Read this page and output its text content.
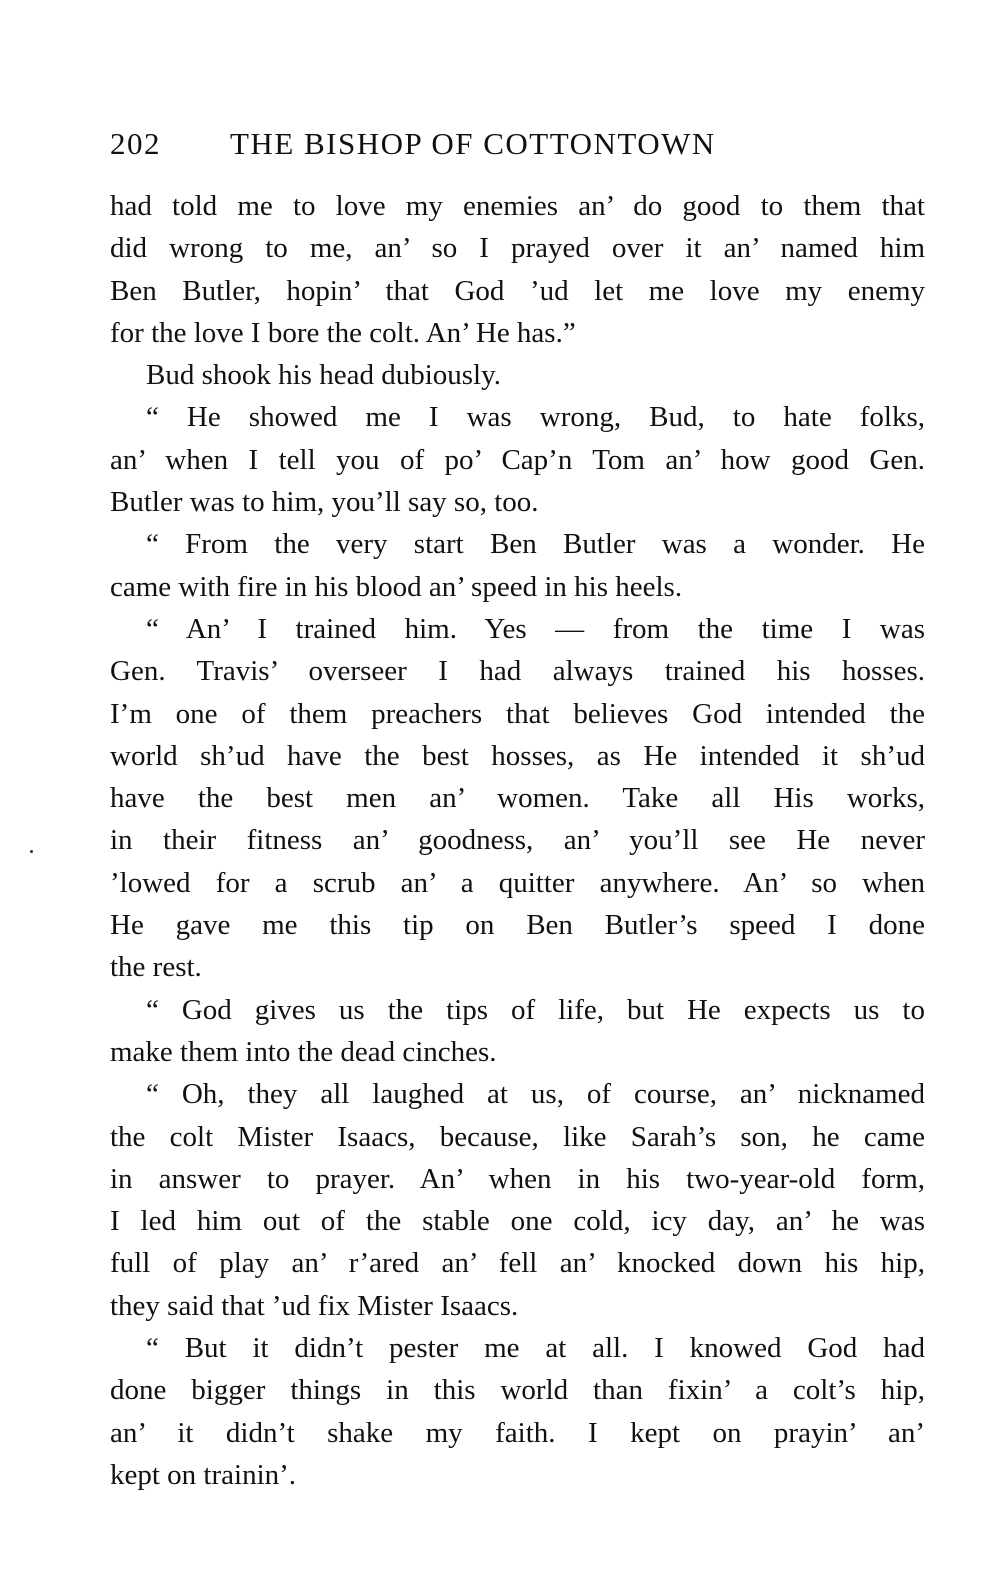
202 THE BISHOP OF COTTONTOWN
had told me to love my enemies an’ do good to them that
did wrong to me, an’ so I prayed over it an’ named him
Ben Butler, hopin’ that God ’ud let me love my enemy
for the love I bore the colt. An’ He has.”
Bud shook his head dubiously.
“ He showed me I was wrong, Bud, to hate folks,
an’ when I tell you of po’ Cap’n Tom an’ how good Gen.
Butler was to him, you’ll say so, too.
“ From the very start Ben Butler was a wonder. He
came with fire in his blood an’ speed in his heels.
“ An’ I trained him. Yes — from the time I was
Gen. Travis’ overseer I had always trained his hosses.
I’m one of them preachers that believes God intended the
world sh’ud have the best hosses, as He intended it sh’ud
have the best men an’ women. Take all His works,
in their fitness an’ goodness, an’ you’ll see He never
’lowed for a scrub an’ a quitter anywhere. An’ so when
He gave me this tip on Ben Butler’s speed I done
the rest.
“ God gives us the tips of life, but He expects us to
make them into the dead cinches.
“ Oh, they all laughed at us, of course, an’ nicknamed
the colt Mister Isaacs, because, like Sarah’s son, he came
in answer to prayer. An’ when in his two-year-old form,
I led him out of the stable one cold, icy day, an’ he was
full of play an’ r’ared an’ fell an’ knocked down his hip,
they said that ’ud fix Mister Isaacs.
“ But it didn’t pester me at all. I knowed God had
done bigger things in this world than fixin’ a colt’s hip,
an’ it didn’t shake my faith. I kept on prayin’ an’
kept on trainin’.
